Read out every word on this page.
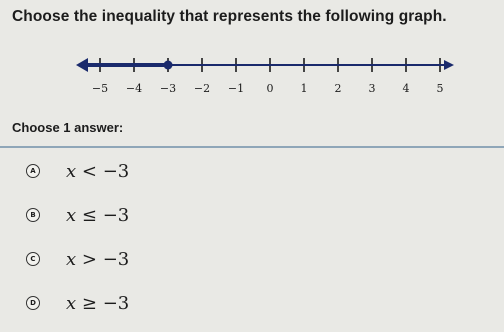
Choose the inequality that represents the following graph.
−5 −4 −3 −2 −1 0 1 2 3 4 5
Choose 1 answer:
A x < −3
B x ≤ −3
C x > −3
D x ≥ −3
